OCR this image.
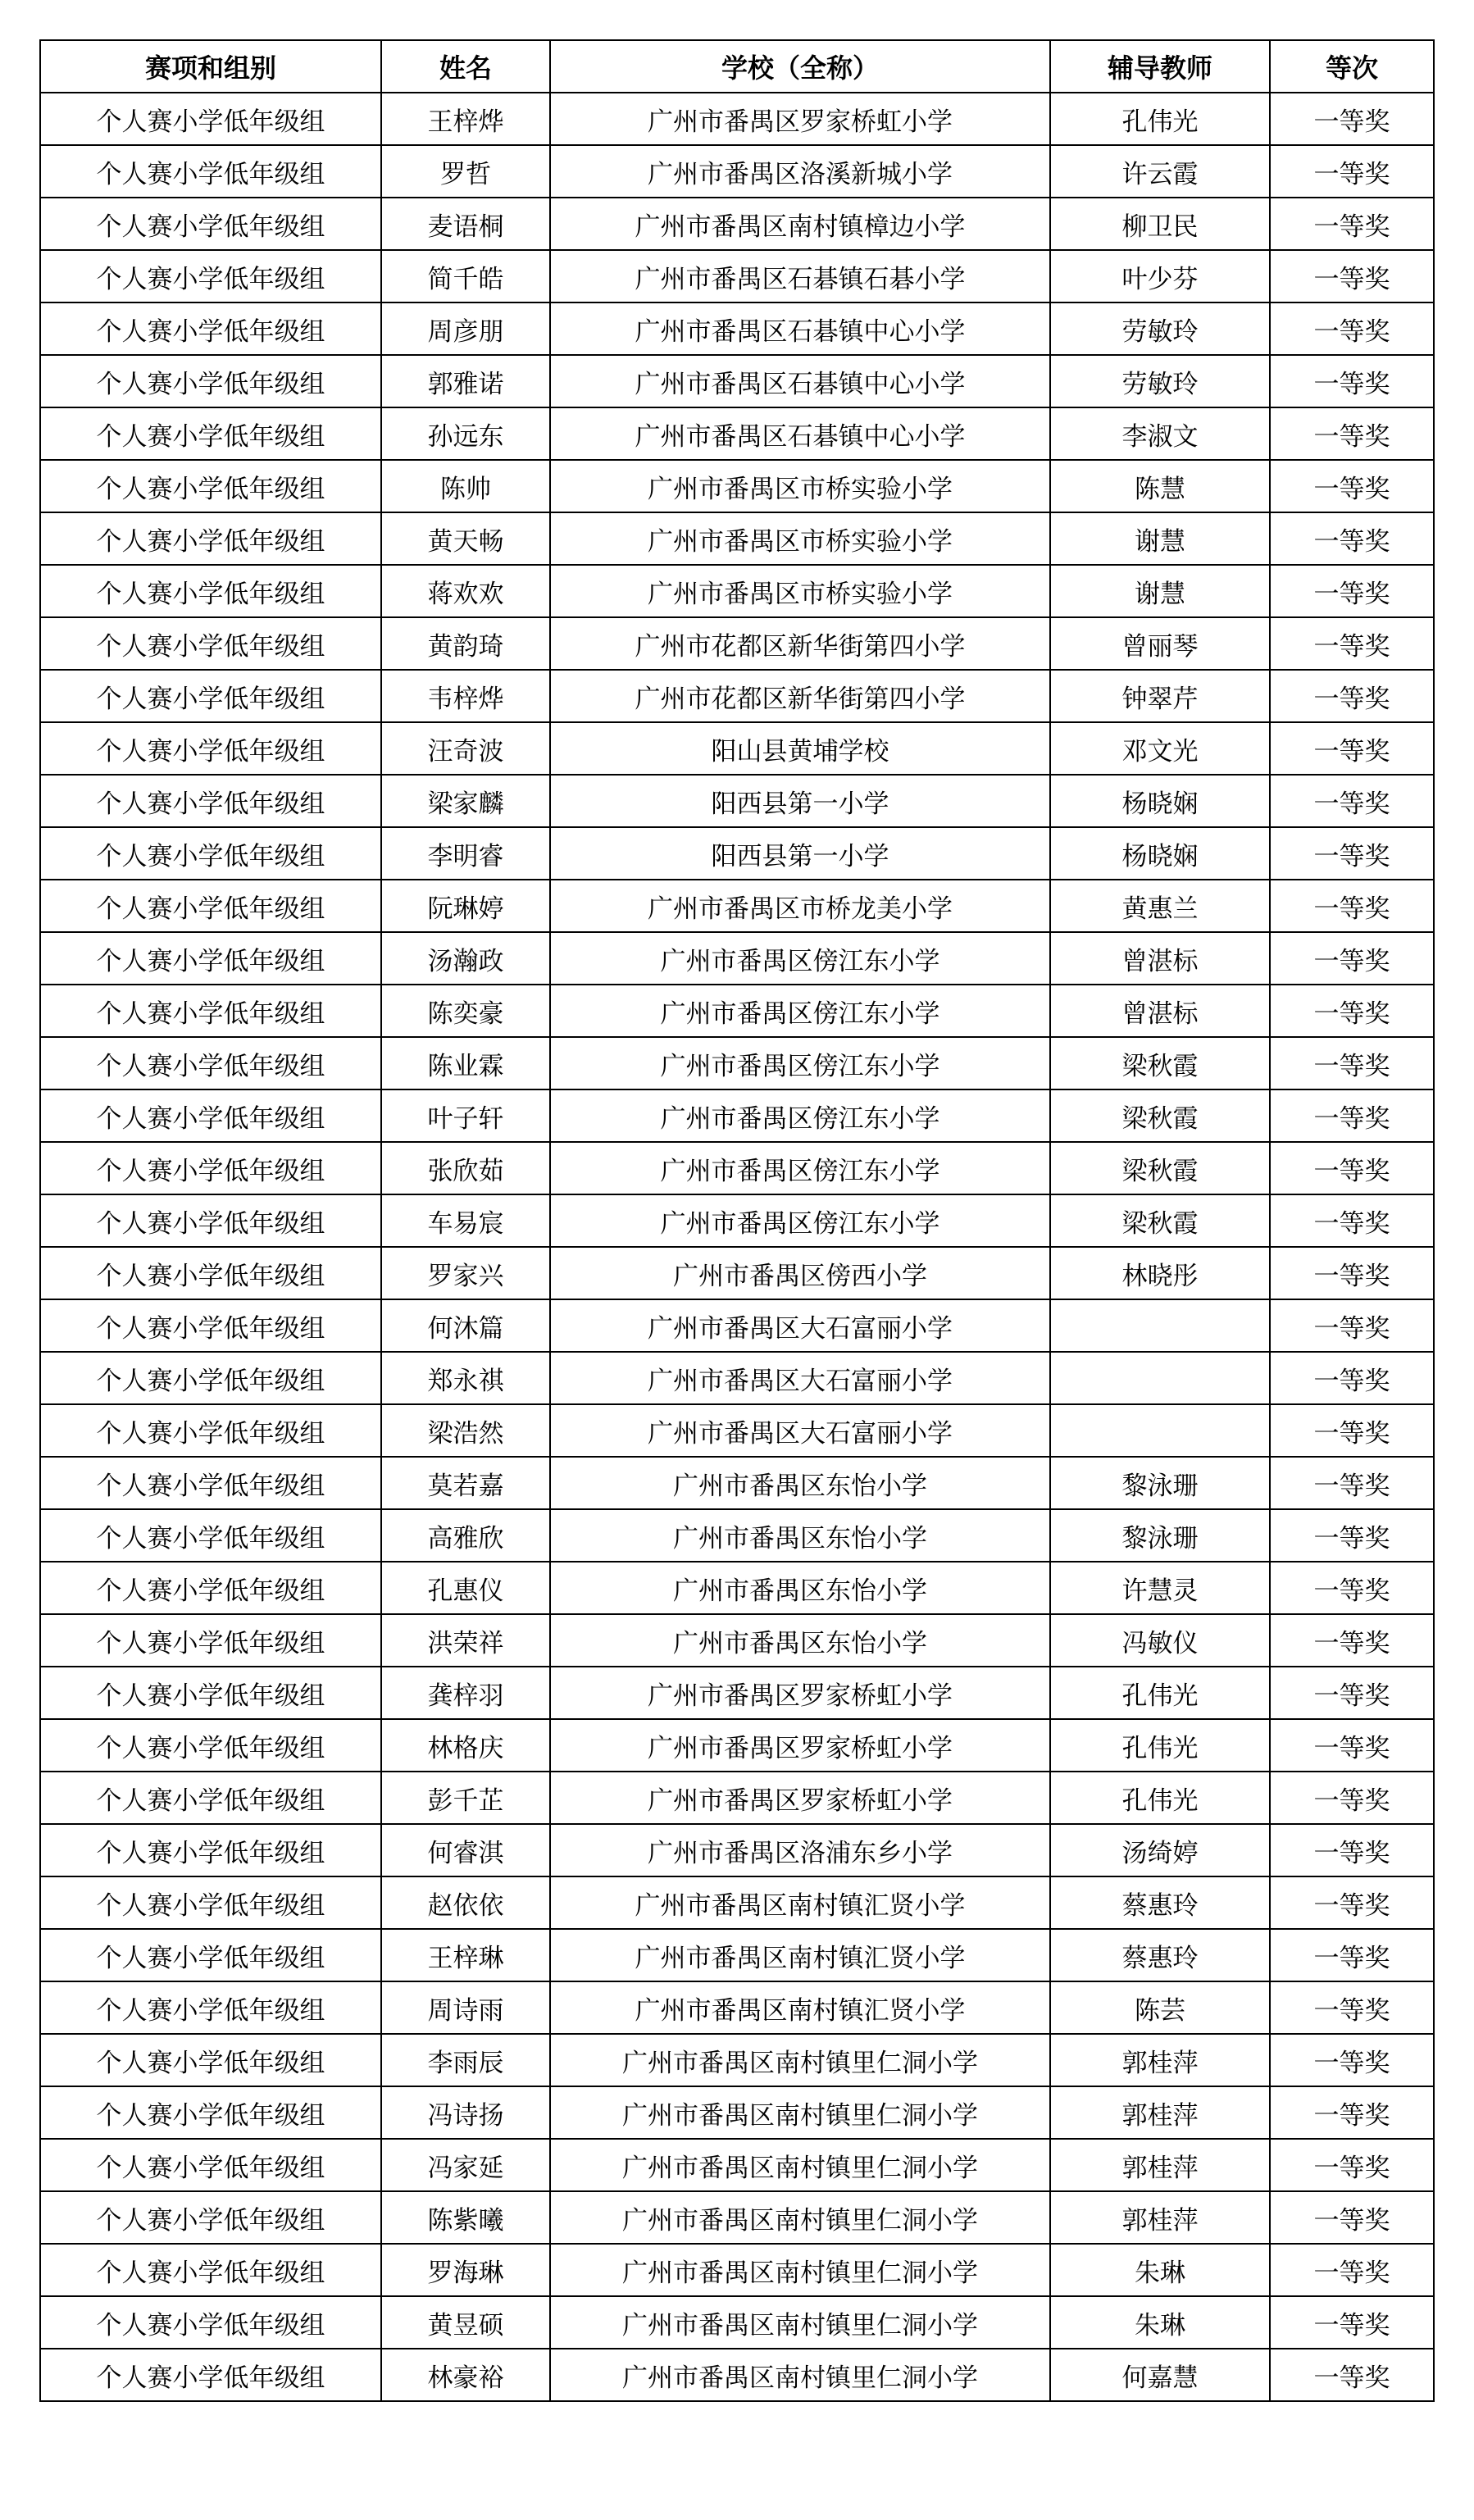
赛项和组别	姓名	学校（全称）	辅导教师	等次
个人赛小学低年级组	王梓烨	广州市番禺区罗家桥虹小学	孔伟光	一等奖
个人赛小学低年级组	罗哲	广州市番禺区洛溪新城小学	许云霞	一等奖
个人赛小学低年级组	麦语桐	广州市番禺区南村镇樟边小学	柳卫民	一等奖
个人赛小学低年级组	简千皓	广州市番禺区石碁镇石碁小学	叶少芬	一等奖
个人赛小学低年级组	周彦朋	广州市番禺区石碁镇中心小学	劳敏玲	一等奖
个人赛小学低年级组	郭雅诺	广州市番禺区石碁镇中心小学	劳敏玲	一等奖
个人赛小学低年级组	孙远东	广州市番禺区石碁镇中心小学	李淑文	一等奖
个人赛小学低年级组	陈帅	广州市番禺区市桥实验小学	陈慧	一等奖
个人赛小学低年级组	黄天畅	广州市番禺区市桥实验小学	谢慧	一等奖
个人赛小学低年级组	蒋欢欢	广州市番禺区市桥实验小学	谢慧	一等奖
个人赛小学低年级组	黄韵琦	广州市花都区新华街第四小学	曾丽琴	一等奖
个人赛小学低年级组	韦梓烨	广州市花都区新华街第四小学	钟翠芹	一等奖
个人赛小学低年级组	汪奇波	阳山县黄埔学校	邓文光	一等奖
个人赛小学低年级组	梁家麟	阳西县第一小学	杨晓娴	一等奖
个人赛小学低年级组	李明睿	阳西县第一小学	杨晓娴	一等奖
个人赛小学低年级组	阮琳婷	广州市番禺区市桥龙美小学	黄惠兰	一等奖
个人赛小学低年级组	汤瀚政	广州市番禺区傍江东小学	曾湛标	一等奖
个人赛小学低年级组	陈奕豪	广州市番禺区傍江东小学	曾湛标	一等奖
个人赛小学低年级组	陈业霖	广州市番禺区傍江东小学	梁秋霞	一等奖
个人赛小学低年级组	叶子轩	广州市番禺区傍江东小学	梁秋霞	一等奖
个人赛小学低年级组	张欣茹	广州市番禺区傍江东小学	梁秋霞	一等奖
个人赛小学低年级组	车易宸	广州市番禺区傍江东小学	梁秋霞	一等奖
个人赛小学低年级组	罗家兴	广州市番禺区傍西小学	林晓彤	一等奖
个人赛小学低年级组	何沐篇	广州市番禺区大石富丽小学		一等奖
个人赛小学低年级组	郑永祺	广州市番禺区大石富丽小学		一等奖
个人赛小学低年级组	梁浩然	广州市番禺区大石富丽小学		一等奖
个人赛小学低年级组	莫若嘉	广州市番禺区东怡小学	黎泳珊	一等奖
个人赛小学低年级组	高雅欣	广州市番禺区东怡小学	黎泳珊	一等奖
个人赛小学低年级组	孔惠仪	广州市番禺区东怡小学	许慧灵	一等奖
个人赛小学低年级组	洪荣祥	广州市番禺区东怡小学	冯敏仪	一等奖
个人赛小学低年级组	龚梓羽	广州市番禺区罗家桥虹小学	孔伟光	一等奖
个人赛小学低年级组	林格庆	广州市番禺区罗家桥虹小学	孔伟光	一等奖
个人赛小学低年级组	彭千芷	广州市番禺区罗家桥虹小学	孔伟光	一等奖
个人赛小学低年级组	何睿淇	广州市番禺区洛浦东乡小学	汤绮婷	一等奖
个人赛小学低年级组	赵依依	广州市番禺区南村镇汇贤小学	蔡惠玲	一等奖
个人赛小学低年级组	王梓琳	广州市番禺区南村镇汇贤小学	蔡惠玲	一等奖
个人赛小学低年级组	周诗雨	广州市番禺区南村镇汇贤小学	陈芸	一等奖
个人赛小学低年级组	李雨辰	广州市番禺区南村镇里仁洞小学	郭桂萍	一等奖
个人赛小学低年级组	冯诗扬	广州市番禺区南村镇里仁洞小学	郭桂萍	一等奖
个人赛小学低年级组	冯家延	广州市番禺区南村镇里仁洞小学	郭桂萍	一等奖
个人赛小学低年级组	陈紫曦	广州市番禺区南村镇里仁洞小学	郭桂萍	一等奖
个人赛小学低年级组	罗海琳	广州市番禺区南村镇里仁洞小学	朱琳	一等奖
个人赛小学低年级组	黄昱硕	广州市番禺区南村镇里仁洞小学	朱琳	一等奖
个人赛小学低年级组	林豪裕	广州市番禺区南村镇里仁洞小学	何嘉慧	一等奖
